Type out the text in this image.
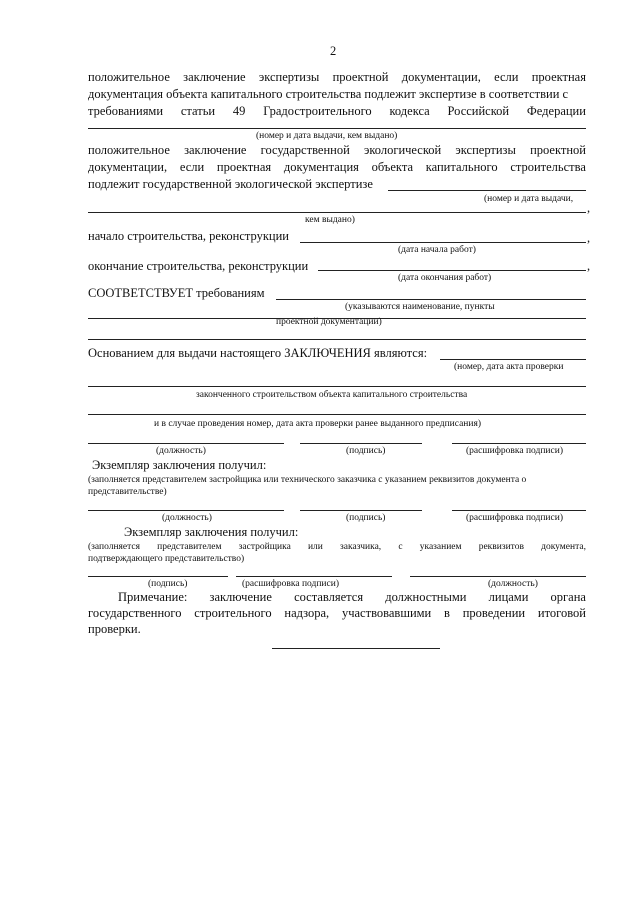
2
положительное заключение экспертизы проектной документации, если проектная
документация объекта капитального строительства подлежит экспертизе в соответствии с
требованиями статьи 49 Градостроительного кодекса Российской Федерации
(номер и дата выдачи, кем выдано)
положительное заключение государственной экологической экспертизы проектной
документации, если проектная документация объекта капитального строительства
подлежит государственной экологической экспертизе
(номер и дата выдачи,
,
кем выдано)
начало строительства, реконструкции	,
(дата начала работ)
окончание строительства, реконструкции	,
(дата окончания работ)
СООТВЕТСТВУЕТ требованиям
(указываются наименование, пункты
проектной документации)
Основанием для выдачи настоящего ЗАКЛЮЧЕНИЯ являются:
(номер, дата акта проверки
законченного строительством объекта капитального строительства
и в случае проведения номер, дата акта проверки ранее выданного предписания)
(должность)	(подпись)	(расшифровка подписи)
Экземпляр заключения получил:
(заполняется представителем застройщика или технического заказчика с указанием реквизитов документа о
представительстве)
(должность)	(подпись)	(расшифровка подписи)
Экземпляр заключения получил:
(заполняется представителем застройщика или заказчика, с указанием реквизитов документа,
подтверждающего представительство)
(подпись)	(расшифровка подписи)	(должность)
Примечание: заключение составляется должностными лицами органа
государственного строительного надзора, участвовавшими в проведении итоговой
проверки.
